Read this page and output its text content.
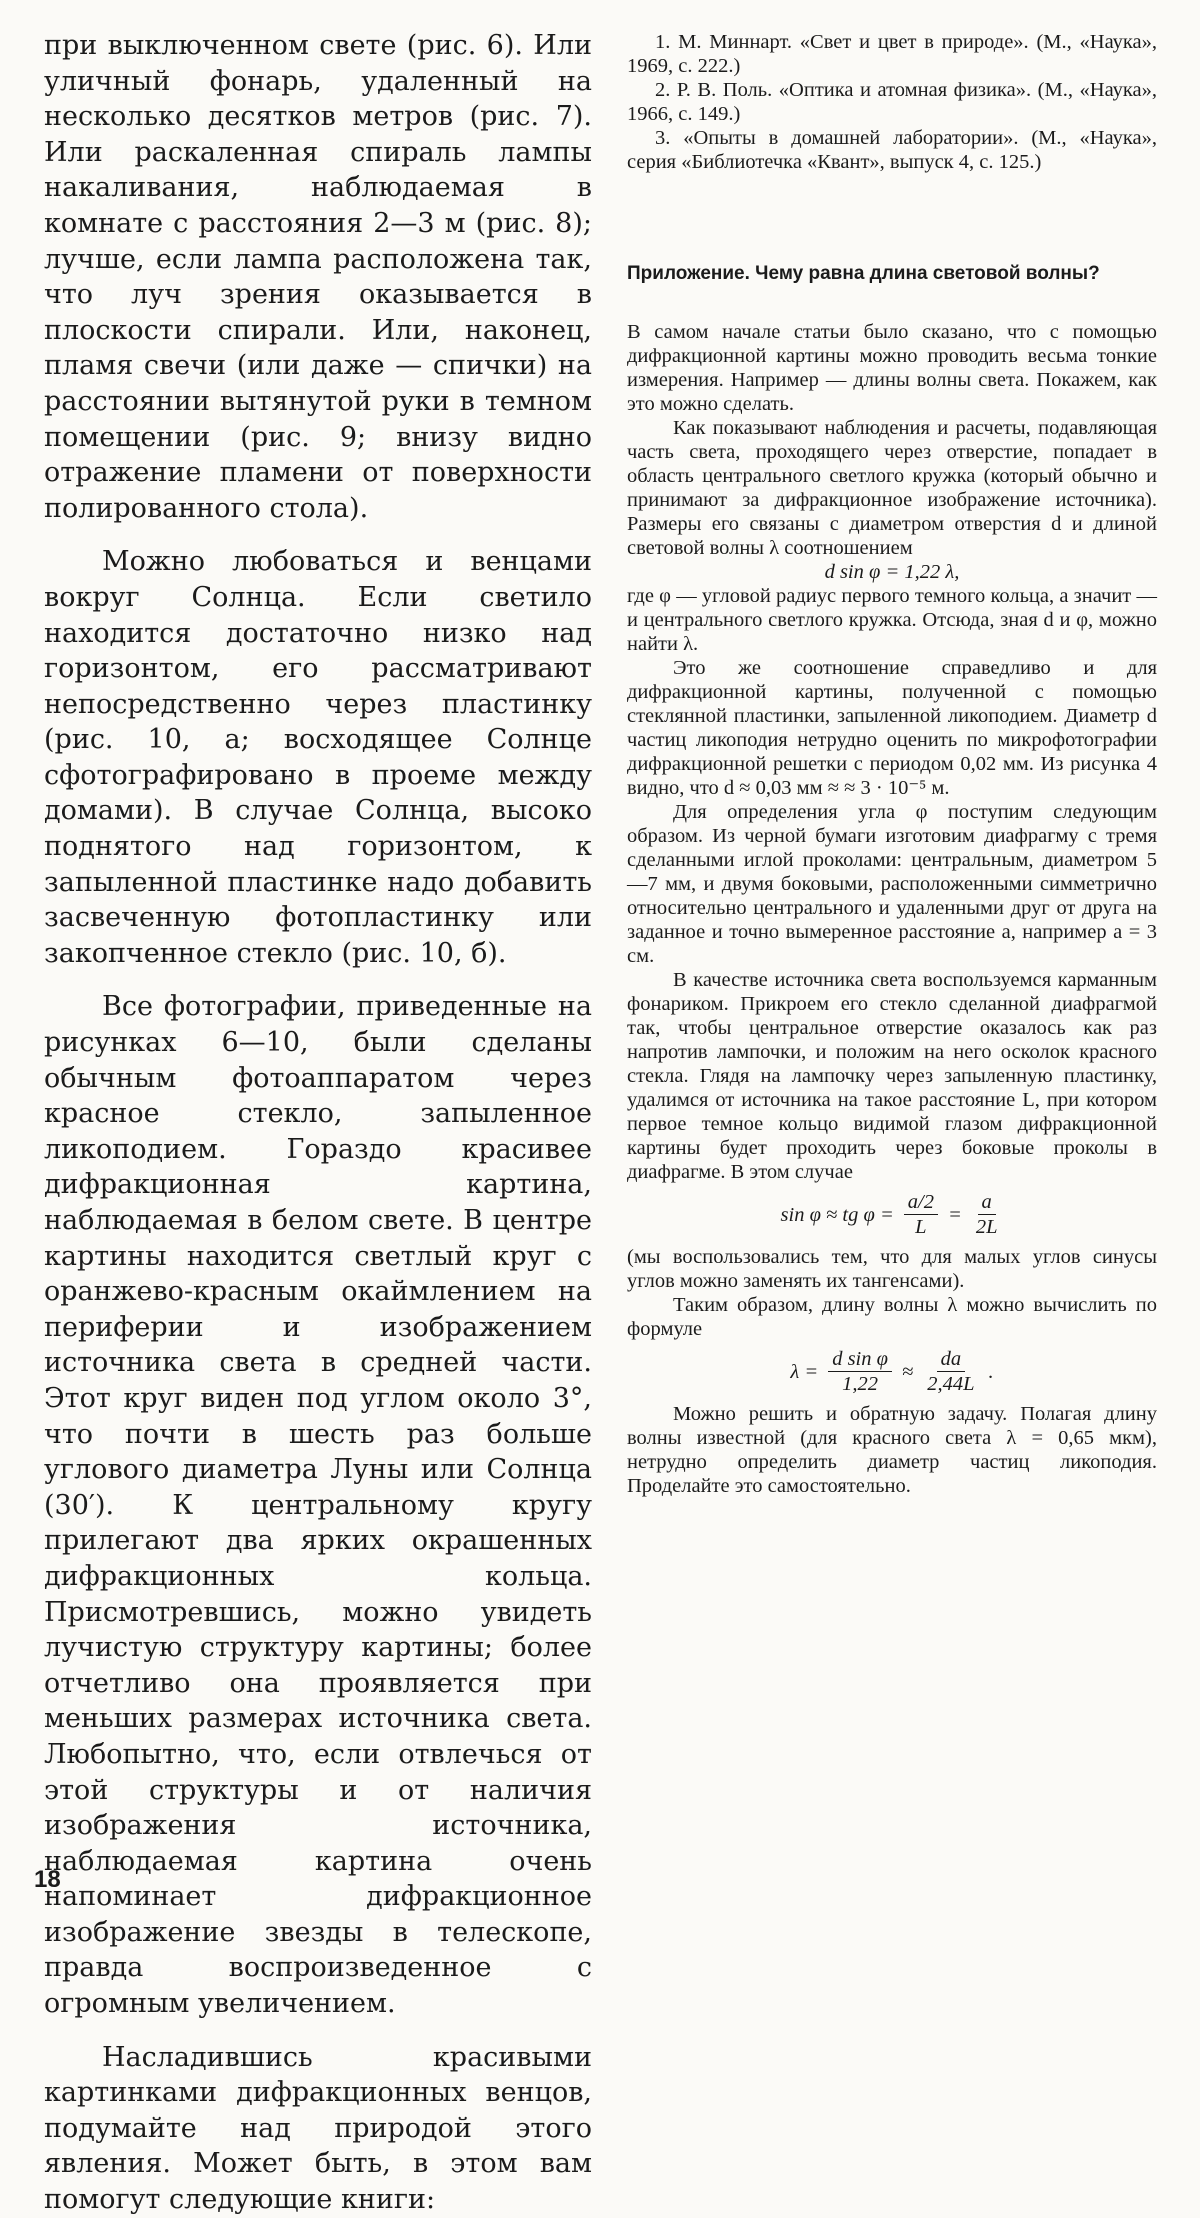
при выключенном свете (рис. 6). Или уличный фонарь, удаленный на несколько десятков метров (рис. 7). Или раскаленная спираль лампы накаливания, наблюдаемая в комнате с расстояния 2—3 м (рис. 8); лучше, если лампа расположена так, что луч зрения оказывается в плоскости спирали. Или, наконец, пламя свечи (или даже — спички) на расстоянии вытянутой руки в темном помещении (рис. 9; внизу видно отражение пламени от поверхности полированного стола).

Можно любоваться и венцами вокруг Солнца. Если светило находится достаточно низко над горизонтом, его рассматривают непосредственно через пластинку (рис. 10, а; восходящее Солнце сфотографировано в проеме между домами). В случае Солнца, высоко поднятого над горизонтом, к запыленной пластинке надо добавить засвеченную фотопластинку или закопченное стекло (рис. 10, б).

Все фотографии, приведенные на рисунках 6—10, были сделаны обычным фотоаппаратом через красное стекло, запыленное ликоподием. Гораздо красивее дифракционная картина, наблюдаемая в белом свете. В центре картины находится светлый круг с оранжево-красным окаймлением на периферии и изображением источника света в средней части. Этот круг виден под углом около 3°, что почти в шесть раз больше углового диаметра Луны или Солнца (30′). К центральному кругу прилегают два ярких окрашенных дифракционных кольца. Присмотревшись, можно увидеть лучистую структуру картины; более отчетливо она проявляется при меньших размерах источника света. Любопытно, что, если отвлечься от этой структуры и от наличия изображения источника, наблюдаемая картина очень напоминает дифракционное изображение звезды в телескопе, правда воспроизведенное с огромным увеличением.

Насладившись красивыми картинками дифракционных венцов, подумайте над природой этого явления. Может быть, в этом вам помогут следующие книги:

1. М. Миннарт. «Свет и цвет в природе». (М., «Наука», 1969, с. 222.)

2. Р. В. Поль. «Оптика и атомная физика». (М., «Наука», 1966, с. 149.)

3. «Опыты в домашней лаборатории». (М., «Наука», серия «Библиотечка «Квант», выпуск 4, с. 125.)

Приложение. Чему равна длина световой волны?

В самом начале статьи было сказано, что с помощью дифракционной картины можно проводить весьма тонкие измерения. Например — длины волны света. Покажем, как это можно сделать.

Как показывают наблюдения и расчеты, подавляющая часть света, проходящего через отверстие, попадает в область центрального светлого кружка (который обычно и принимают за дифракционное изображение источника). Размеры его связаны с диаметром отверстия d и длиной световой волны λ соотношением

d sin φ = 1,22 λ,

где φ — угловой радиус первого темного кольца, а значит — и центрального светлого кружка. Отсюда, зная d и φ, можно найти λ.

Это же соотношение справедливо и для дифракционной картины, полученной с помощью стеклянной пластинки, запыленной ликоподием. Диаметр d частиц ликоподия нетрудно оценить по микрофотографии дифракционной решетки с периодом 0,02 мм. Из рисунка 4 видно, что d ≈ 0,03 мм ≈ ≈ 3 · 10⁻⁵ м.

Для определения угла φ поступим следующим образом. Из черной бумаги изготовим диафрагму с тремя сделанными иглой проколами: центральным, диаметром 5—7 мм, и двумя боковыми, расположенными симметрично относительно центрального и удаленными друг от друга на заданное и точно вымеренное расстояние a, например a = 3 см.

В качестве источника света воспользуемся карманным фонариком. Прикроем его стекло сделанной диафрагмой так, чтобы центральное отверстие оказалось как раз напротив лампочки, и положим на него осколок красного стекла. Глядя на лампочку через запыленную пластинку, удалимся от источника на такое расстояние L, при котором первое темное кольцо видимой глазом дифракционной картины будет проходить через боковые проколы в диафрагме. В этом случае

sin φ ≈ tg $\varphi = \frac{a/2}{L} = \frac{a}{2L}$

(мы воспользовались тем, что для малых углов синусы углов можно заменять их тангенсами).

Таким образом, длину волны λ можно вычислить по формуле

$\lambda = \frac{\text{d sin φ}}{1,22} \approx \frac{da}{2,44L}$ .

Можно решить и обратную задачу. Полагая длину волны известной (для красного света λ = 0,65 мкм), нетрудно определить диаметр частиц ликоподия. Проделайте это самостоятельно.

18
